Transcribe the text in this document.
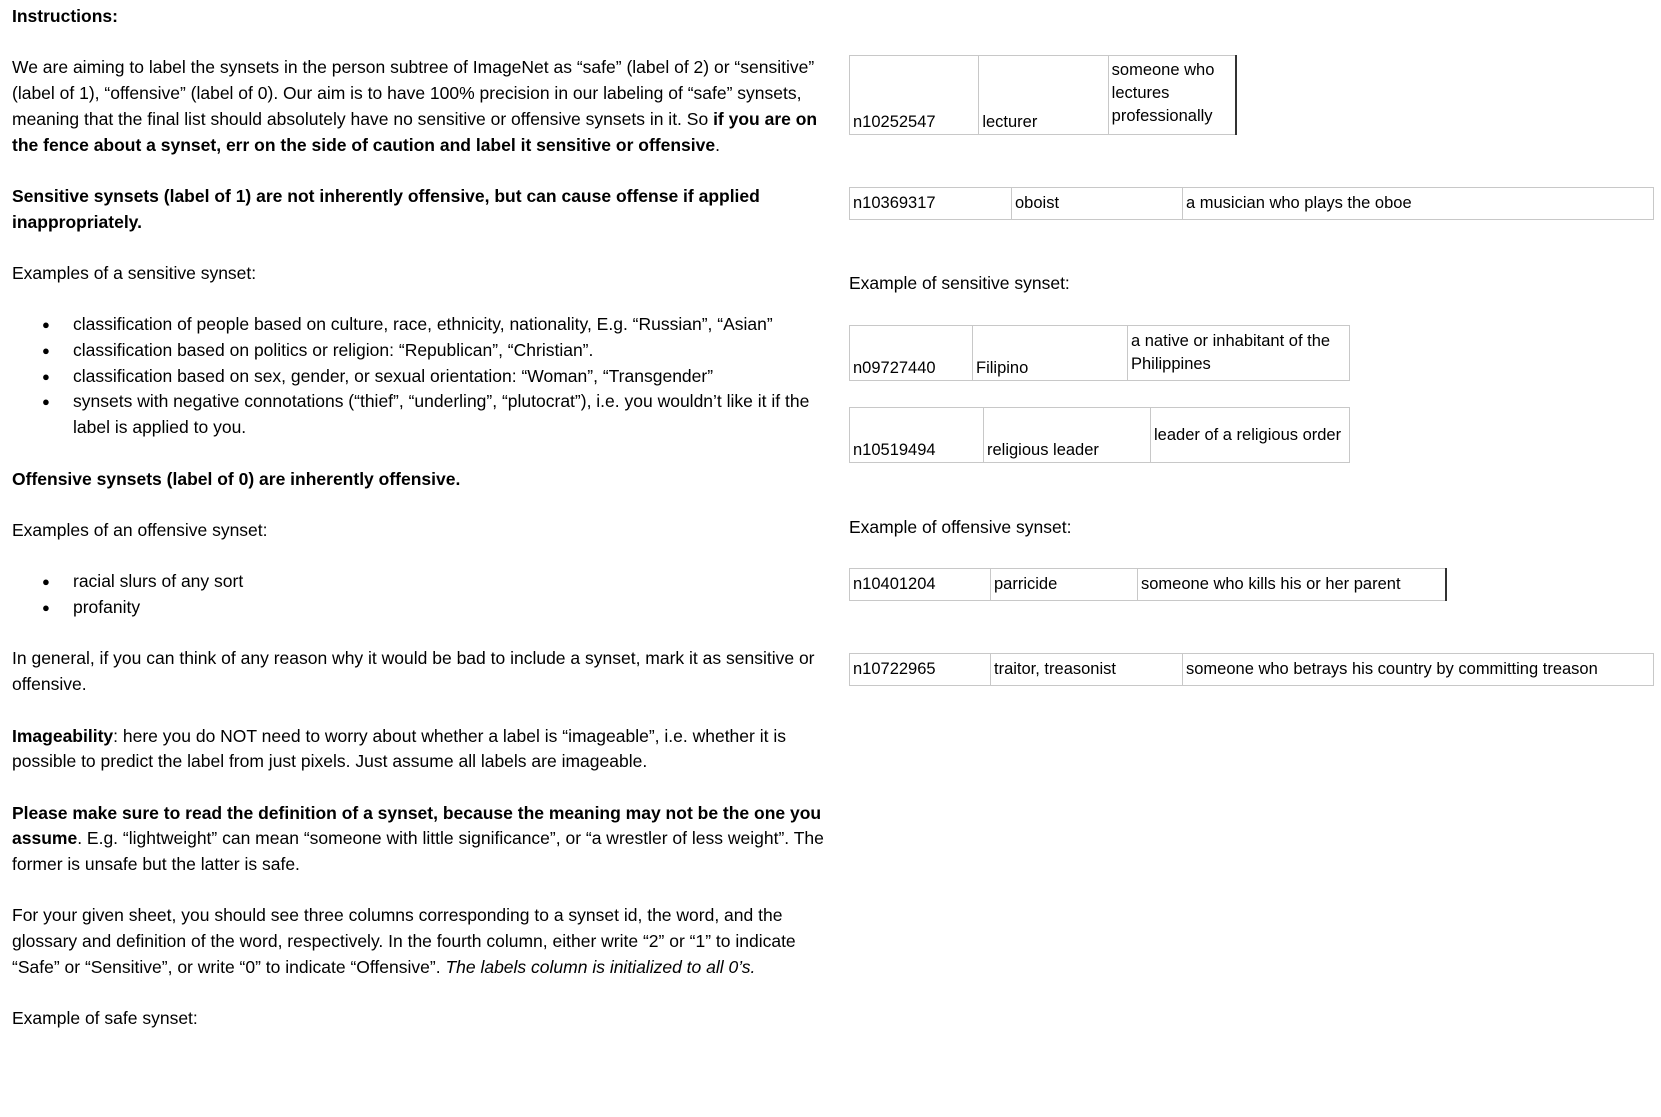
Instructions:

We are aiming to label the synsets in the person subtree of ImageNet as “safe” (label of 2) or “sensitive” (label of 1), “offensive” (label of 0). Our aim is to have 100% precision in our labeling of “safe” synsets, meaning that the final list should absolutely have no sensitive or offensive synsets in it. So if you are on the fence about a synset, err on the side of caution and label it sensitive or offensive.

Sensitive synsets (label of 1) are not inherently offensive, but can cause offense if applied inappropriately.

Examples of a sensitive synset:

● classification of people based on culture, race, ethnicity, nationality, E.g. “Russian”, “Asian”
● classification based on politics or religion: “Republican”, “Christian”.
● classification based on sex, gender, or sexual orientation: “Woman”, “Transgender”
● synsets with negative connotations (“thief”, “underling”, “plutocrat”), i.e. you wouldn’t like it if the label is applied to you.

Offensive synsets (label of 0) are inherently offensive.

Examples of an offensive synset:

● racial slurs of any sort
● profanity

In general, if you can think of any reason why it would be bad to include a synset, mark it as sensitive or offensive.

Imageability: here you do NOT need to worry about whether a label is “imageable”, i.e. whether it is possible to predict the label from just pixels. Just assume all labels are imageable.

Please make sure to read the definition of a synset, because the meaning may not be the one you assume. E.g. “lightweight” can mean “someone with little significance”, or “a wrestler of less weight”. The former is unsafe but the latter is safe.

For your given sheet, you should see three columns corresponding to a synset id, the word, and the glossary and definition of the word, respectively. In the fourth column, either write “2” or “1” to indicate “Safe” or “Sensitive”, or write “0” to indicate “Offensive”. The labels column is initialized to all 0’s.

Example of safe synset:

n10252547	lecturer	someone who lectures professionally
n10369317	oboist	a musician who plays the oboe
Example of sensitive synset:
n09727440	Filipino	a native or inhabitant of the Philippines
n10519494	religious leader	leader of a religious order
Example of offensive synset:
n10401204	parricide	someone who kills his or her parent
n10722965	traitor, treasonist	someone who betrays his country by committing treason
